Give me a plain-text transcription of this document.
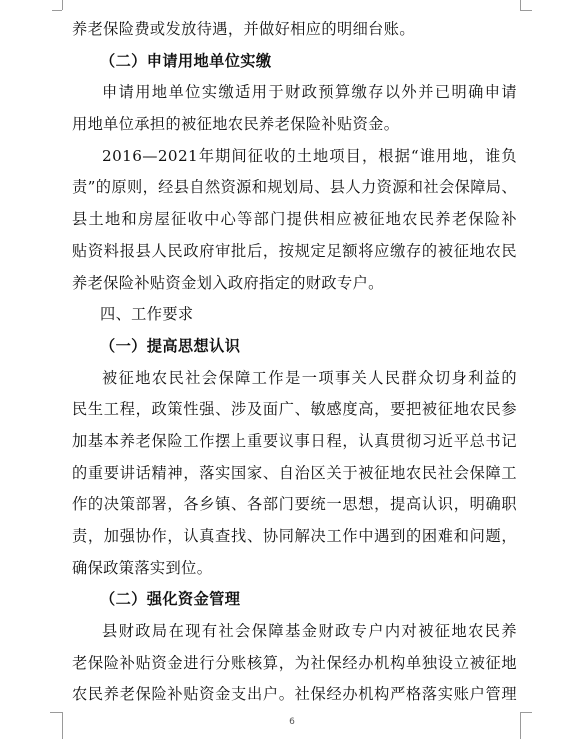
养老保险费或发放待遇，并做好相应的明细台账。
（二）申请用地单位实缴
申请用地单位实缴适用于财政预算缴存以外并已明确申请
用地单位承担的被征地农民养老保险补贴资金。
2016—2021年期间征收的土地项目，根据“谁用地，谁负
责”的原则，经县自然资源和规划局、县人力资源和社会保障局、
县土地和房屋征收中心等部门提供相应被征地农民养老保险补
贴资料报县人民政府审批后，按规定足额将应缴存的被征地农民
养老保险补贴资金划入政府指定的财政专户。
四、工作要求
（一）提高思想认识
被征地农民社会保障工作是一项事关人民群众切身利益的
民生工程，政策性强、涉及面广、敏感度高，要把被征地农民参
加基本养老保险工作摆上重要议事日程，认真贯彻习近平总书记
的重要讲话精神，落实国家、自治区关于被征地农民社会保障工
作的决策部署，各乡镇、各部门要统一思想，提高认识，明确职
责，加强协作，认真查找、协同解决工作中遇到的困难和问题，
确保政策落实到位。
（二）强化资金管理
县财政局在现有社会保障基金财政专户内对被征地农民养
老保险补贴资金进行分账核算，为社保经办机构单独设立被征地
农民养老保险补贴资金支出户。社保经办机构严格落实账户管理
6
